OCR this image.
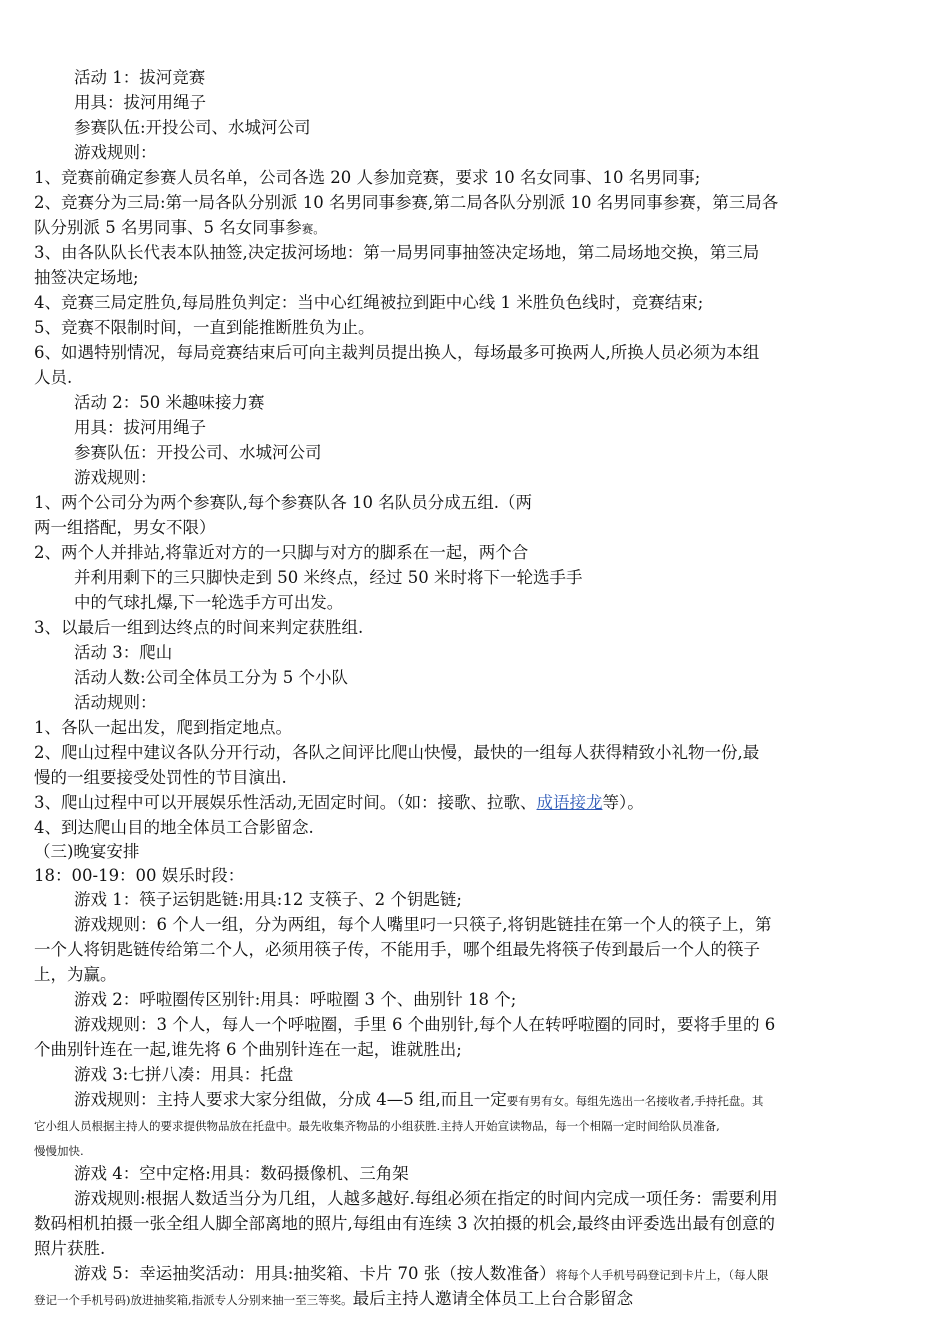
活动 1：拔河竞赛
用具：拔河用绳子
参赛队伍:开投公司、水城河公司
游戏规则：
1、竞赛前确定参赛人员名单，公司各选 20 人参加竞赛，要求 10 名女同事、10 名男同事;
2、竞赛分为三局:第一局各队分别派 10 名男同事参赛,第二局各队分别派 10 名男同事参赛，第三局各
队分别派 5 名男同事、5 名女同事参赛。
3、由各队队长代表本队抽签,决定拔河场地：第一局男同事抽签决定场地，第二局场地交换，第三局
抽签决定场地;
4、竞赛三局定胜负,每局胜负判定：当中心红绳被拉到距中心线 1 米胜负色线时，竞赛结束;
5、竞赛不限制时间，一直到能推断胜负为止。
6、如遇特别情况，每局竞赛结束后可向主裁判员提出换人，每场最多可换两人,所换人员必须为本组
人员.
活动 2：50 米趣味接力赛
用具：拔河用绳子
参赛队伍：开投公司、水城河公司
游戏规则：
1、两个公司分为两个参赛队,每个参赛队各 10 名队员分成五组.（两
两一组搭配，男女不限）
2、两个人并排站,将靠近对方的一只脚与对方的脚系在一起，两个合
并利用剩下的三只脚快走到 50 米终点，经过 50 米时将下一轮选手手
中的气球扎爆,下一轮选手方可出发。
3、以最后一组到达终点的时间来判定获胜组.
活动 3：爬山
活动人数:公司全体员工分为 5 个小队
活动规则：
1、各队一起出发，爬到指定地点。
2、爬山过程中建议各队分开行动，各队之间评比爬山快慢，最快的一组每人获得精致小礼物一份,最
慢的一组要接受处罚性的节目演出.
3、爬山过程中可以开展娱乐性活动,无固定时间。（如：接歌、拉歌、成语接龙等）。
4、到达爬山目的地全体员工合影留念.
（三)晚宴安排
18：00-19：00 娱乐时段：
游戏 1：筷子运钥匙链:用具:12 支筷子、2 个钥匙链;
游戏规则：6 个人一组，分为两组，每个人嘴里叼一只筷子,将钥匙链挂在第一个人的筷子上，第
一个人将钥匙链传给第二个人，必须用筷子传，不能用手，哪个组最先将筷子传到最后一个人的筷子
上，为赢。
游戏 2：呼啦圈传区别针:用具：呼啦圈 3 个、曲别针 18 个;
游戏规则：3 个人，每人一个呼啦圈，手里 6 个曲别针,每个人在转呼啦圈的同时，要将手里的 6
个曲别针连在一起,谁先将 6 个曲别针连在一起，谁就胜出;
游戏 3:七拼八凑：用具：托盘
游戏规则：主持人要求大家分组做，分成 4—5 组,而且一定要有男有女。每组先选出一名接收者,手持托盘。其
它小组人员根据主持人的要求提供物品放在托盘中。最先收集齐物品的小组获胜.主持人开始宣读物品，每一个相隔一定时间给队员准备,
慢慢加快.
游戏 4：空中定格:用具：数码摄像机、三角架
游戏规则:根据人数适当分为几组，人越多越好.每组必须在指定的时间内完成一项任务：需要利用
数码相机拍摄一张全组人脚全部离地的照片,每组由有连续 3 次拍摄的机会,最终由评委选出最有创意的
照片获胜.
游戏 5：幸运抽奖活动：用具:抽奖箱、卡片 70 张（按人数准备）将每个人手机号码登记到卡片上，（每人限
登记一个手机号码)放进抽奖箱,指派专人分别来抽一至三等奖。最后主持人邀请全体员工上台合影留念
